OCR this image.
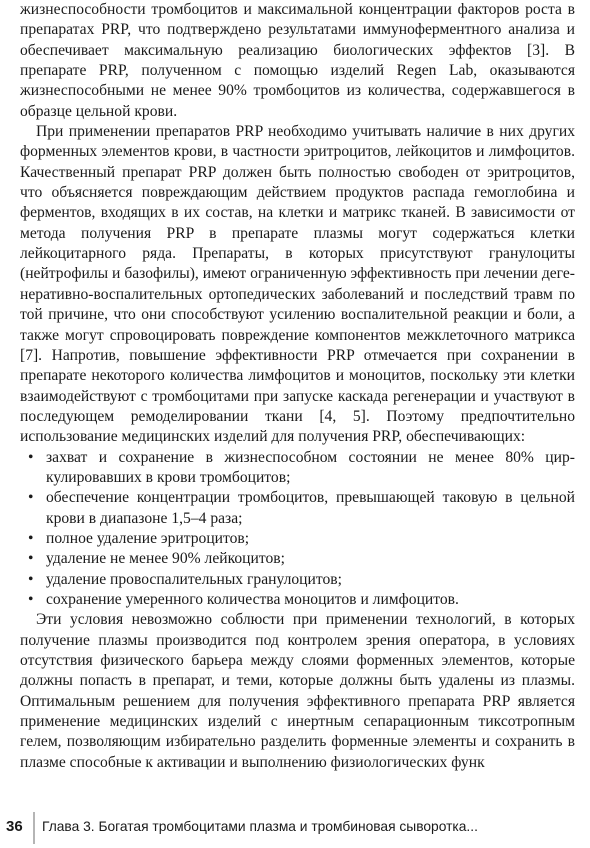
жизнеспособности тромбоцитов и максимальной концентрации факторов роста в препаратах PRP, что подтверждено результатами иммуноферментного анализа и обеспечивает максимальную реализацию биологических эффектов [3]. В препарате PRP, полученном с помощью изделий Regen Lab, оказываются жизнеспособными не менее 90% тромбоцитов из количества, содержавшегося в образце цельной крови.

При применении препаратов PRP необходимо учитывать наличие в них других форменных элементов крови, в частности эритроцитов, лейкоцитов и лимфоцитов. Качественный препарат PRP должен быть полностью свободен от эритроцитов, что объясняется повреждающим действием продуктов распада гемоглобина и ферментов, входящих в их состав, на клетки и матрикс тканей. В зависимости от метода получения PRP в препарате плазмы могут содержаться клетки лейкоцитарного ряда. Препараты, в которых присутствуют гранулоциты (нейтрофилы и базофилы), имеют ограниченную эффективность при лечении дегенеративно-воспалительных ортопедических заболеваний и последствий травм по той причине, что они способствуют усилению воспалительной реакции и боли, а также могут спровоцировать повреждение компонентов межклеточного матрикса [7]. Напротив, повышение эффективности PRP отмечается при сохранении в препарате некоторого количества лимфоцитов и моноцитов, поскольку эти клетки взаимодействуют с тромбоцитами при запуске каскада регенерации и участвуют в последующем ремоделировании ткани [4, 5]. Поэтому предпочтительно использование медицинских изделий для получения PRP, обеспечивающих:

• захват и сохранение в жизнеспособном состоянии не менее 80% циркулировавших в крови тромбоцитов;
• обеспечение концентрации тромбоцитов, превышающей таковую в цельной крови в диапазоне 1,5–4 раза;
• полное удаление эритроцитов;
• удаление не менее 90% лейкоцитов;
• удаление провоспалительных гранулоцитов;
• сохранение умеренного количества моноцитов и лимфоцитов.

Эти условия невозможно соблюсти при применении технологий, в которых получение плазмы производится под контролем зрения оператора, в условиях отсутствия физического барьера между слоями форменных элементов, которые должны попасть в препарат, и теми, которые должны быть удалены из плазмы. Оптимальным решением для получения эффективного препарата PRP является применение медицинских изделий с инертным сепарационным тиксотропным гелем, позволяющим избирательно разделить форменные элементы и сохранить в плазме способные к активации и выполнению физиологических функ

36 Глава 3. Богатая тромбоцитами плазма и тромбиновая сыворотка...
